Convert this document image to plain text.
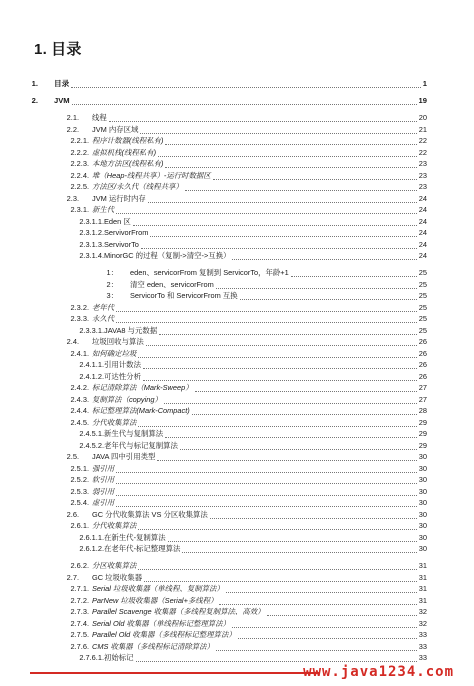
1. 目录
1. 目录	1
2. JVM	19
2.1. 线程	20
2.2. JVM 内存区域	21
2.2.1. 程序计数器(线程私有)	22
2.2.2. 虚拟机栈(线程私有)	22
2.2.3. 本地方法区(线程私有)	23
2.2.4. 堆（Heap-线程共享）-运行时数据区	23
2.2.5. 方法区/永久代（线程共享）	23
2.3. JVM 运行时内存	24
2.3.1. 新生代	24
2.3.1.1. Eden 区	24
2.3.1.2. ServivorFrom	24
2.3.1.3. ServivorTo	24
2.3.1.4. MinorGC 的过程（复制->清空->互换）	24
1： eden、servicorFrom 复制到 ServicorTo，年龄+1	25
2： 清空 eden、servicorFrom	25
3： ServicorTo 和 ServicorFrom 互换	25
2.3.2. 老年代	25
2.3.3. 永久代	25
2.3.3.1. JAVA8 与元数据	25
2.4. 垃圾回收与算法	26
2.4.1. 如何确定垃圾	26
2.4.1.1. 引用计数法	26
2.4.1.2. 可达性分析	26
2.4.2. 标记清除算法（Mark-Sweep）	27
2.4.3. 复制算法（copying）	27
2.4.4. 标记整理算法(Mark-Compact)	28
2.4.5. 分代收集算法	29
2.4.5.1. 新生代与复制算法	29
2.4.5.2. 老年代与标记复制算法	29
2.5. JAVA 四中引用类型	30
2.5.1. 强引用	30
2.5.2. 软引用	30
2.5.3. 弱引用	30
2.5.4. 虚引用	30
2.6. GC 分代收集算法 VS 分区收集算法	30
2.6.1. 分代收集算法	30
2.6.1.1. 在新生代-复制算法	30
2.6.1.2. 在老年代-标记整理算法	30
2.6.2. 分区收集算法	31
2.7. GC 垃圾收集器	31
2.7.1. Serial 垃圾收集器（单线程、复制算法）	31
2.7.2. ParNew 垃圾收集器（Serial+多线程）	31
2.7.3. Parallel Scavenge 收集器（多线程复制算法、高效）	32
2.7.4. Serial Old 收集器（单线程标记整理算法）	32
2.7.5. Parallel Old 收集器（多线程标记整理算法）	33
2.7.6. CMS 收集器（多线程标记清除算法）	33
2.7.6.1. 初始标记	33
www.java1234.com
